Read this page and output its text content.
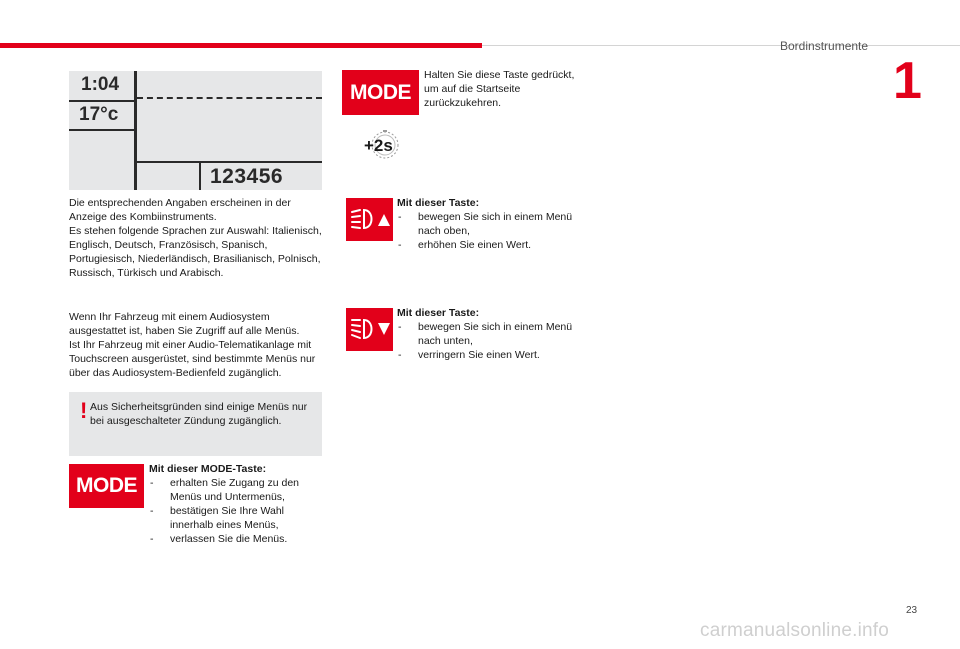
Bordinstrumente
1
1:04
17°c
123456
Die entsprechenden Angaben erscheinen in der Anzeige des Kombiinstruments.
Es stehen folgende Sprachen zur Auswahl: Italienisch, Englisch, Deutsch, Französisch, Spanisch, Portugiesisch, Niederländisch, Brasilianisch, Polnisch, Russisch, Türkisch und Arabisch.
Wenn Ihr Fahrzeug mit einem Audiosystem ausgestattet ist, haben Sie Zugriff auf alle Menüs.
Ist Ihr Fahrzeug mit einer Audio-Telematikanlage mit Touchscreen ausgerüstet, sind bestimmte Menüs nur über das Audiosystem-Bedienfeld zugänglich.
! Aus Sicherheitsgründen sind einige Menüs nur bei ausgeschalteter Zündung zugänglich.
MODE
Mit dieser MODE-Taste:
- erhalten Sie Zugang zu den Menüs und Untermenüs,
- bestätigen Sie Ihre Wahl innerhalb eines Menüs,
- verlassen Sie die Menüs.
MODE
Halten Sie diese Taste gedrückt, um auf die Startseite zurückzukehren.
+2s
Mit dieser Taste:
- bewegen Sie sich in einem Menü nach oben,
- erhöhen Sie einen Wert.
Mit dieser Taste:
- bewegen Sie sich in einem Menü nach unten,
- verringern Sie einen Wert.
23
carmanualsonline.info
